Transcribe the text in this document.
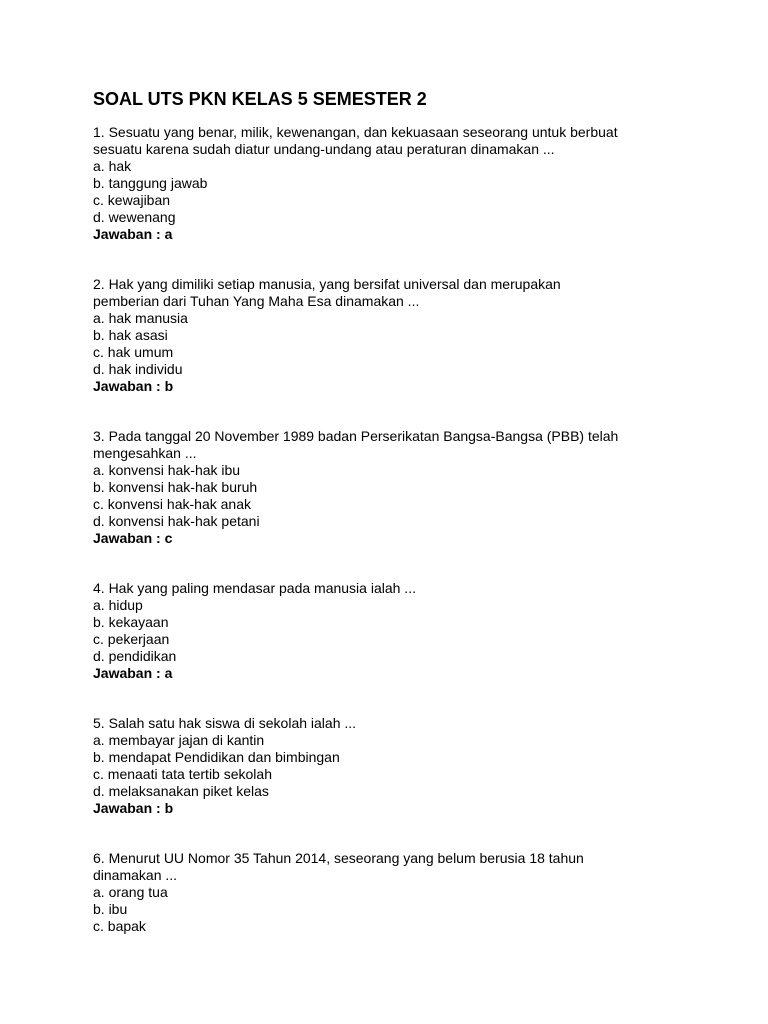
SOAL UTS PKN KELAS 5 SEMESTER 2

1. Sesuatu yang benar, milik, kewenangan, dan kekuasaan seseorang untuk berbuat

sesuatu karena sudah diatur undang-undang atau peraturan dinamakan ...

a. hak
b. tanggung jawab
c. kewajiban
d. wewenang

Jawaban : a

2. Hak yang dimiliki setiap manusia, yang bersifat universal dan merupakan

pemberian dari Tuhan Yang Maha Esa dinamakan ...

a. hak manusia
b. hak asasi
c. hak umum
d. hak individu

Jawaban : b

3. Pada tanggal 20 November 1989 badan Perserikatan Bangsa-Bangsa (PBB) telah

mengesahkan ...

a. konvensi hak-hak ibu
b. konvensi hak-hak buruh
c. konvensi hak-hak anak
d. konvensi hak-hak petani

Jawaban : c

4. Hak yang paling mendasar pada manusia ialah ...

a. hidup
b. kekayaan
c. pekerjaan
d. pendidikan

Jawaban : a

5. Salah satu hak siswa di sekolah ialah ...

a. membayar jajan di kantin
b. mendapat Pendidikan dan bimbingan
c. menaati tata tertib sekolah
d. melaksanakan piket kelas

Jawaban : b

6. Menurut UU Nomor 35 Tahun 2014, seseorang yang belum berusia 18 tahun

dinamakan ...

a. orang tua
b. ibu
c. bapak
